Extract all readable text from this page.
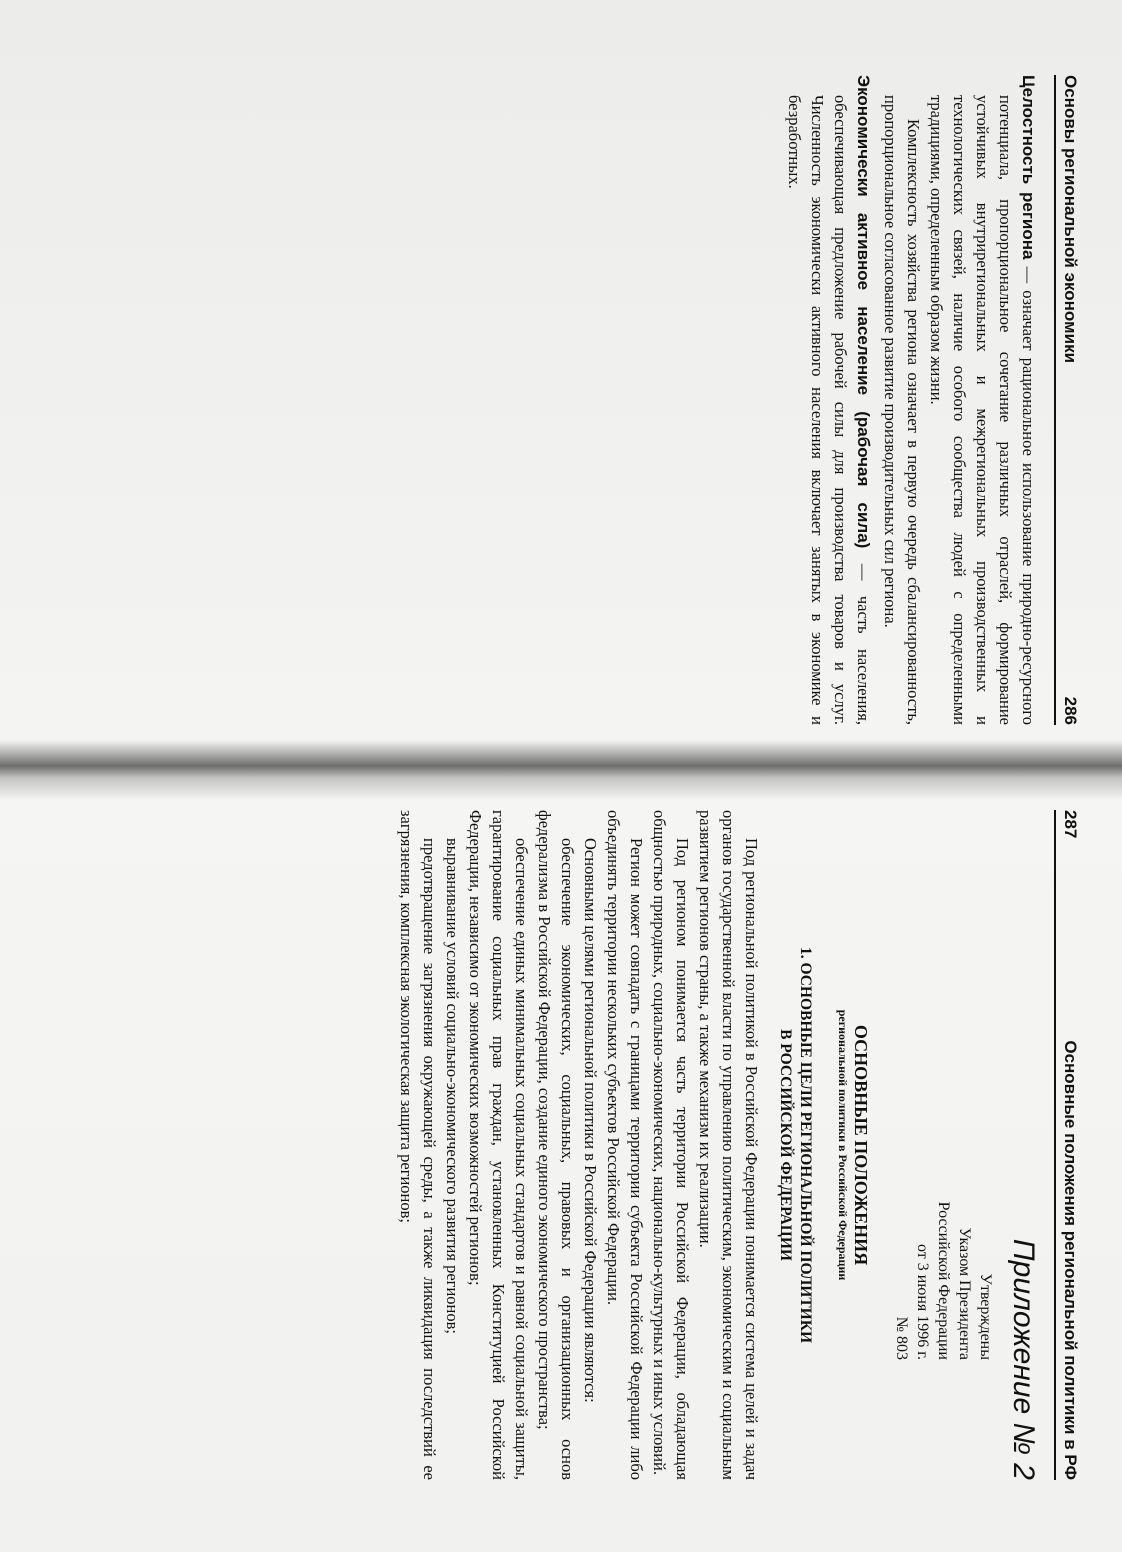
Основы региональной экономики
286

Целостность региона — означает рациональное использование природно-ресурсного потенциала, пропорциональное сочетание различных отраслей, формирование устойчивых внутрирегиональных и межрегиональных производственных и технологических связей, наличие особого сообщества людей с определенными традициями, определенным образом жизни.

Комплексность хозяйства региона означает в первую очередь сбалансированность, пропорциональное согласованное развитие производительных сил региона.

Экономически активное население (рабочая сила) — часть населения, обеспечивающая предложение рабочей силы для производства товаров и услуг. Численность экономически активного населения включает занятых в экономике и безработных.

287
Основные положения региональной политики в РФ
Приложение № 2
Утверждены
Указом Президента
Российской Федерации
от 3 июня 1996 г.
№ 803
ОСНОВНЫЕ ПОЛОЖЕНИЯ
региональной политики в Российской Федерации
1. ОСНОВНЫЕ ЦЕЛИ РЕГИОНАЛЬНОЙ ПОЛИТИКИ
В РОССИЙСКОЙ ФЕДЕРАЦИИ

Под региональной политикой в Российской Федерации понимается система целей и задач органов государственной власти по управлению политическим, экономическим и социальным развитием регионов страны, а также механизм их реализации.

Под регионом понимается часть территории Российской Федерации, обладающая общностью природных, социально-экономических, национально-культурных и иных условий.

Регион может совпадать с границами территории субъекта Российской Федерации либо объединять территории нескольких субъектов Российской Федерации.

Основными целями региональной политики в Российской Федерации являются:

обеспечение экономических, социальных, правовых и организационных основ федерализма в Российской Федерации, создание единого экономического пространства;

обеспечение единых минимальных социальных стандартов и равной социальной защиты, гарантирование социальных прав граждан, установленных Конституцией Российской Федерации, независимо от экономических возможностей регионов;

выравнивание условий социально-экономического развития регионов;

предотвращение загрязнения окружающей среды, а также ликвидация последствий ее загрязнения, комплексная экологическая защита регионов;
